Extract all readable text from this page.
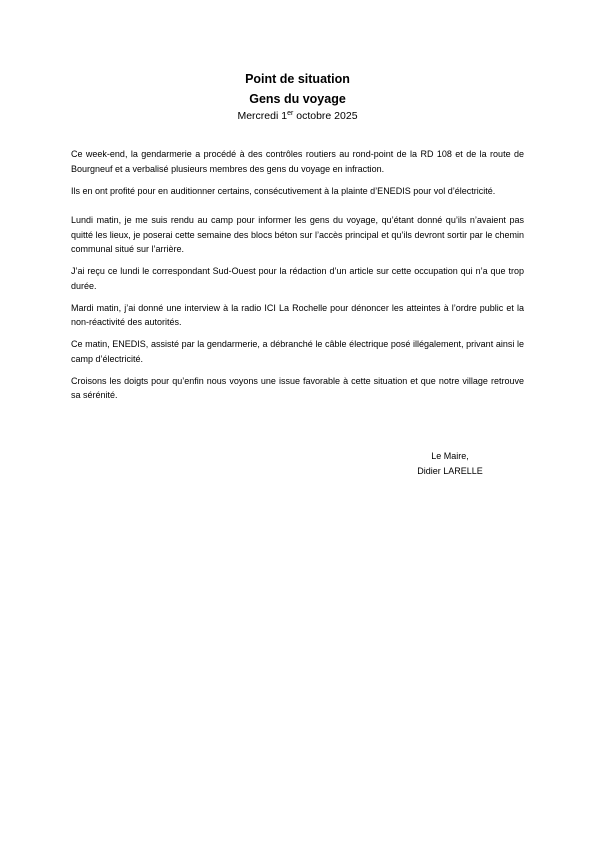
Point de situation
Gens du voyage
Mercredi 1er octobre 2025

Ce week-end, la gendarmerie a procédé à des contrôles routiers au rond-point de la RD 108 et de la route de Bourgneuf et a verbalisé plusieurs membres des gens du voyage en infraction.

Ils en ont profité pour en auditionner certains, consécutivement à la plainte d’ENEDIS pour vol d’électricité.

Lundi matin, je me suis rendu au camp pour informer les gens du voyage, qu’étant donné qu’ils n’avaient pas quitté les lieux, je poserai cette semaine des blocs béton sur l’accès principal et qu’ils devront sortir par le chemin communal situé sur l’arrière.

J’ai reçu ce lundi le correspondant Sud-Ouest pour la rédaction d’un article sur cette occupation qui n’a que trop durée.

Mardi matin, j’ai donné une interview à la radio ICI La Rochelle pour dénoncer les atteintes à l’ordre public et la non-réactivité des autorités.

Ce matin, ENEDIS, assisté par la gendarmerie, a débranché le câble électrique posé illégalement, privant ainsi le camp d’électricité.

Croisons les doigts pour qu’enfin nous voyons une issue favorable à cette situation et que notre village retrouve sa sérénité.

Le Maire,
Didier LARELLE
